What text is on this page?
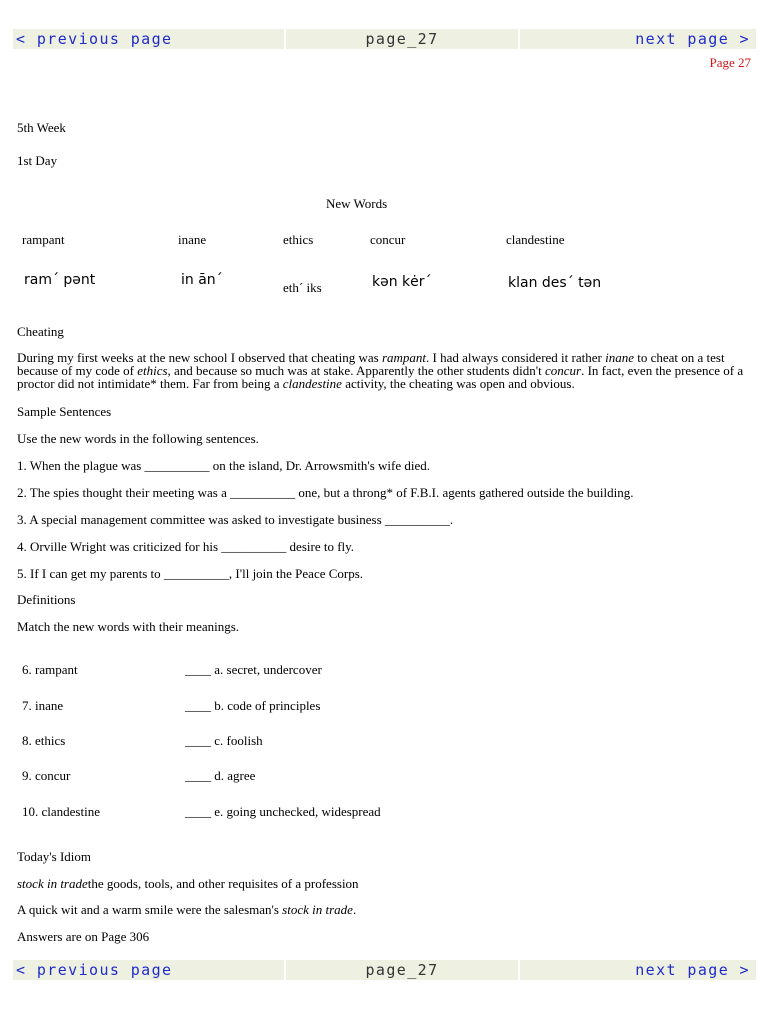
< previous page	page_27	next page >
Page 27
5th Week
1st Day
New Words
rampant	inane	ethics	concur	clandestine
ram´ pənt	in ān´	eth´ iks	kən kėr´	klan des´ tən
Cheating
During my first weeks at the new school I observed that cheating was rampant. I had always considered it rather inane to cheat on a test because of my code of ethics, and because so much was at stake. Apparently the other students didn't concur. In fact, even the presence of a proctor did not intimidate* them. Far from being a clandestine activity, the cheating was open and obvious.
Sample Sentences
Use the new words in the following sentences.
1. When the plague was __________ on the island, Dr. Arrowsmith's wife died.
2. The spies thought their meeting was a __________ one, but a throng* of F.B.I. agents gathered outside the building.
3. A special management committee was asked to investigate business __________.
4. Orville Wright was criticized for his __________ desire to fly.
5. If I can get my parents to __________, I'll join the Peace Corps.
Definitions
Match the new words with their meanings.
6. rampant	____ a. secret, undercover
7. inane	____ b. code of principles
8. ethics	____ c. foolish
9. concur	____ d. agree
10. clandestine	____ e. going unchecked, widespread
Today's Idiom
stock in tradethe goods, tools, and other requisites of a profession
A quick wit and a warm smile were the salesman's stock in trade.
Answers are on Page 306
< previous page	page_27	next page >
